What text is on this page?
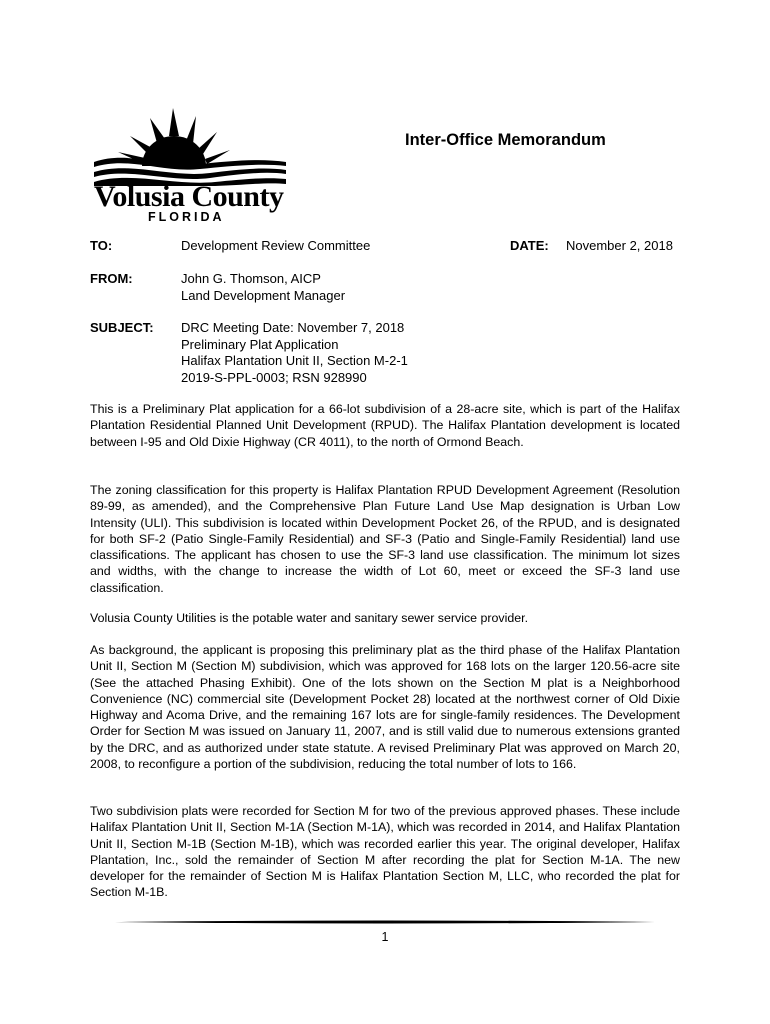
Volusia County
FLORIDA
Inter-Office Memorandum
TO:	Development Review Committee	DATE: November 2, 2018
FROM:	John G. Thomson, AICP
Land Development Manager
SUBJECT: DRC Meeting Date: November 7, 2018
Preliminary Plat Application
Halifax Plantation Unit II, Section M-2-1
2019-S-PPL-0003; RSN 928990

This is a Preliminary Plat application for a 66-lot subdivision of a 28-acre site, which is part of the Halifax Plantation Residential Planned Unit Development (RPUD). The Halifax Plantation development is located between I-95 and Old Dixie Highway (CR 4011), to the north of Ormond Beach.

The zoning classification for this property is Halifax Plantation RPUD Development Agreement (Resolution 89-99, as amended), and the Comprehensive Plan Future Land Use Map designation is Urban Low Intensity (ULI). This subdivision is located within Development Pocket 26, of the RPUD, and is designated for both SF-2 (Patio Single-Family Residential) and SF-3 (Patio and Single-Family Residential) land use classifications. The applicant has chosen to use the SF-3 land use classification. The minimum lot sizes and widths, with the change to increase the width of Lot 60, meet or exceed the SF-3 land use classification.

Volusia County Utilities is the potable water and sanitary sewer service provider.

As background, the applicant is proposing this preliminary plat as the third phase of the Halifax Plantation Unit II, Section M (Section M) subdivision, which was approved for 168 lots on the larger 120.56-acre site (See the attached Phasing Exhibit). One of the lots shown on the Section M plat is a Neighborhood Convenience (NC) commercial site (Development Pocket 28) located at the northwest corner of Old Dixie Highway and Acoma Drive, and the remaining 167 lots are for single-family residences. The Development Order for Section M was issued on January 11, 2007, and is still valid due to numerous extensions granted by the DRC, and as authorized under state statute. A revised Preliminary Plat was approved on March 20, 2008, to reconfigure a portion of the subdivision, reducing the total number of lots to 166.

Two subdivision plats were recorded for Section M for two of the previous approved phases. These include Halifax Plantation Unit II, Section M-1A (Section M-1A), which was recorded in 2014, and Halifax Plantation Unit II, Section M-1B (Section M-1B), which was recorded earlier this year. The original developer, Halifax Plantation, Inc., sold the remainder of Section M after recording the plat for Section M-1A. The new developer for the remainder of Section M is Halifax Plantation Section M, LLC, who recorded the plat for Section M-1B.

1
